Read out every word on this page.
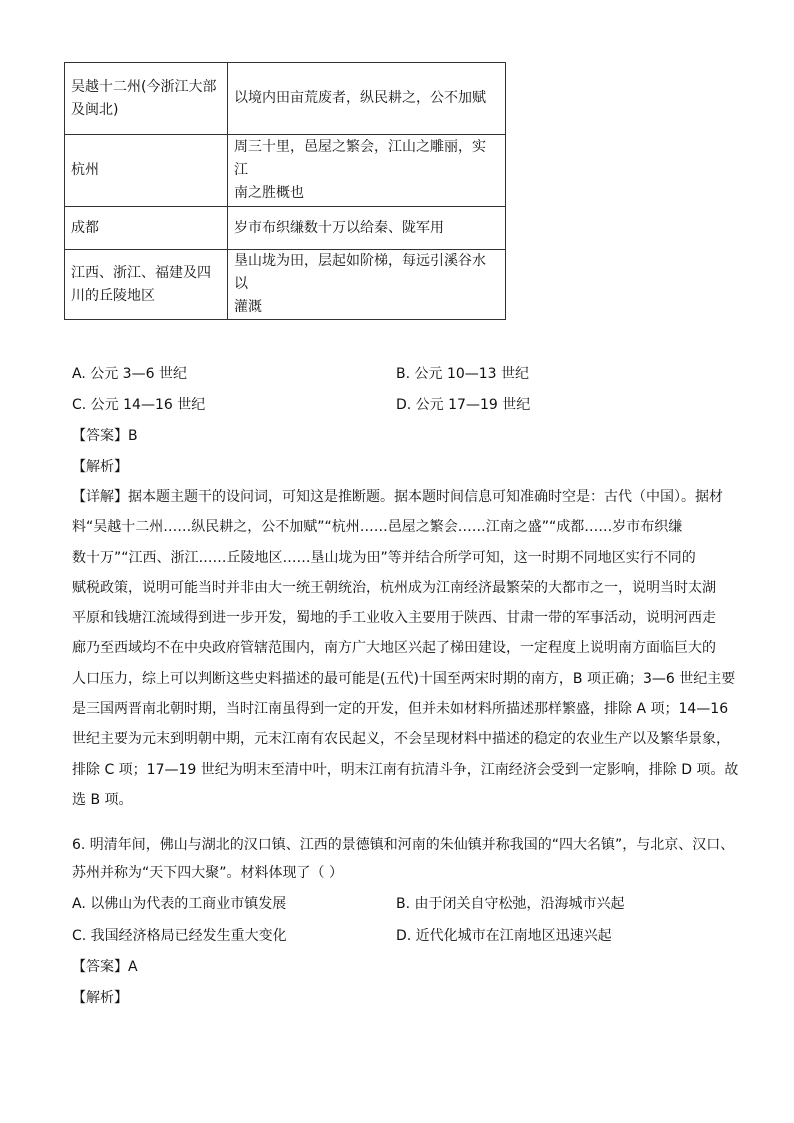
吴越十二州(今浙江大部
及闽北)	以境内田亩荒废者，纵民耕之，公不加赋

杭州	周三十里，邑屋之繁会，江山之雕丽，实江
南之胜概也

成都	岁市布织缣数十万以给秦、陇军用

江西、浙江、福建及四
川的丘陵地区	垦山垅为田，层起如阶梯，每远引溪谷水以
灌溉
A. 公元 3—6 世纪	B. 公元 10—13 世纪
C. 公元 14—16 世纪	D. 公元 17—19 世纪
【答案】B
【解析】
【详解】据本题主题干的设问词，可知这是推断题。据本题时间信息可知准确时空是：古代（中国）。据材
料“吴越十二州……纵民耕之，公不加赋”“杭州……邑屋之繁会……江南之盛”“成都……岁市布织缣
数十万”“江西、浙江……丘陵地区……垦山垅为田”等并结合所学可知，这一时期不同地区实行不同的
赋税政策，说明可能当时并非由大一统王朝统治，杭州成为江南经济最繁荣的大都市之一，说明当时太湖
平原和钱塘江流域得到进一步开发，蜀地的手工业收入主要用于陕西、甘肃一带的军事活动，说明河西走
廊乃至西域均不在中央政府管辖范围内，南方广大地区兴起了梯田建设，一定程度上说明南方面临巨大的
人口压力，综上可以判断这些史料描述的最可能是(五代)十国至两宋时期的南方，B 项正确；3—6 世纪主要
是三国两晋南北朝时期，当时江南虽得到一定的开发，但并未如材料所描述那样繁盛，排除 A 项；14—16
世纪主要为元末到明朝中期，元末江南有农民起义，不会呈现材料中描述的稳定的农业生产以及繁华景象，
排除 C 项；17—19 世纪为明末至清中叶，明末江南有抗清斗争，江南经济会受到一定影响，排除 D 项。故
选 B 项。
6. 明清年间，佛山与湖北的汉口镇、江西的景德镇和河南的朱仙镇并称我国的“四大名镇”，与北京、汉口、
苏州并称为“天下四大聚”。材料体现了（ ）
A. 以佛山为代表的工商业市镇发展	B. 由于闭关自守松弛，沿海城市兴起
C. 我国经济格局已经发生重大变化	D. 近代化城市在江南地区迅速兴起
【答案】A
【解析】
